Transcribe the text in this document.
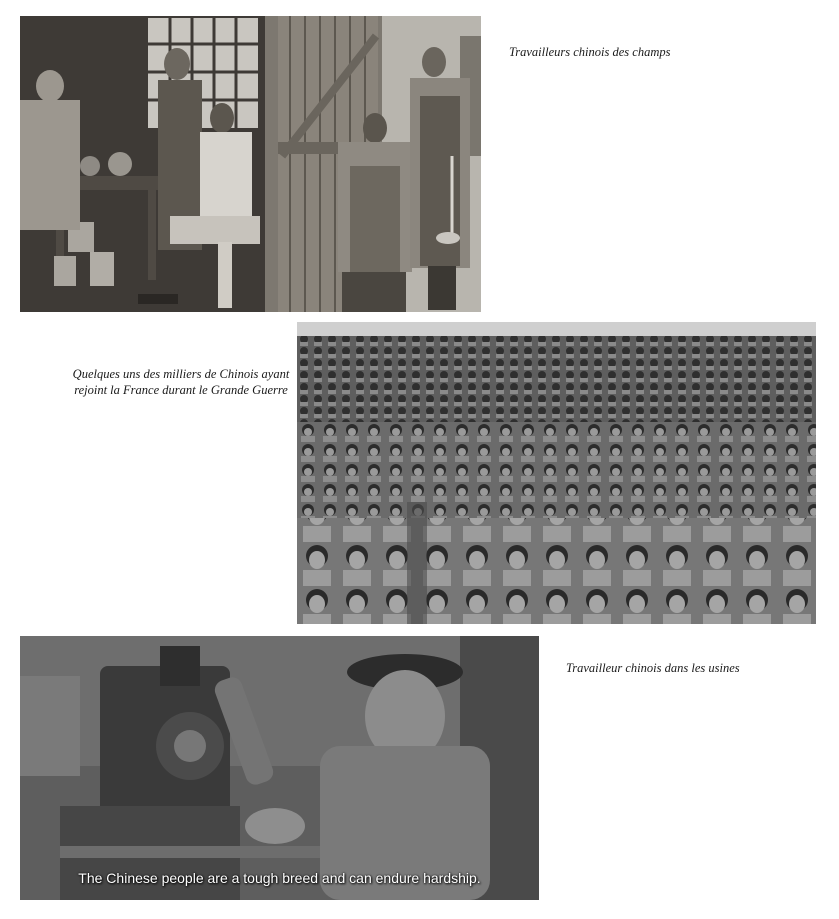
Travailleurs chinois des champs
Quelques uns des milliers de Chinois ayant rejoint la France durant le Grande Guerre
The Chinese people are a tough breed and can endure hardship.
Travailleur chinois dans les usines
